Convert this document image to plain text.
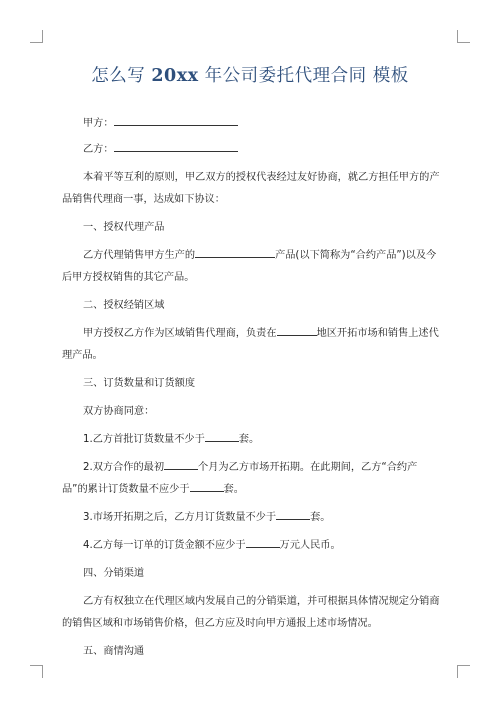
怎么写 20xx 年公司委托代理合同 模板

甲方：

乙方：

本着平等互利的原则，甲乙双方的授权代表经过友好协商，就乙方担任甲方的产品销售代理商一事，达成如下协议：

一、授权代理产品

乙方代理销售甲方生产的	产品(以下简称为“合约产品”)以及今后甲方授权销售的其它产品。

二、授权经销区域

甲方授权乙方作为区域销售代理商，负责在	地区开拓市场和销售上述代理产品。

三、订货数量和订货额度

双方协商同意：

1.乙方首批订货数量不少于	套。

2.双方合作的最初	个月为乙方市场开拓期。在此期间，乙方“合约产品”的累计订货数量不应少于	套。

3.市场开拓期之后，乙方月订货数量不少于	套。

4.乙方每一订单的订货金额不应少于	万元人民币。

四、分销渠道

乙方有权独立在代理区域内发展自己的分销渠道，并可根据具体情况规定分销商的销售区域和市场销售价格，但乙方应及时向甲方通报上述市场情况。

五、商情沟通
